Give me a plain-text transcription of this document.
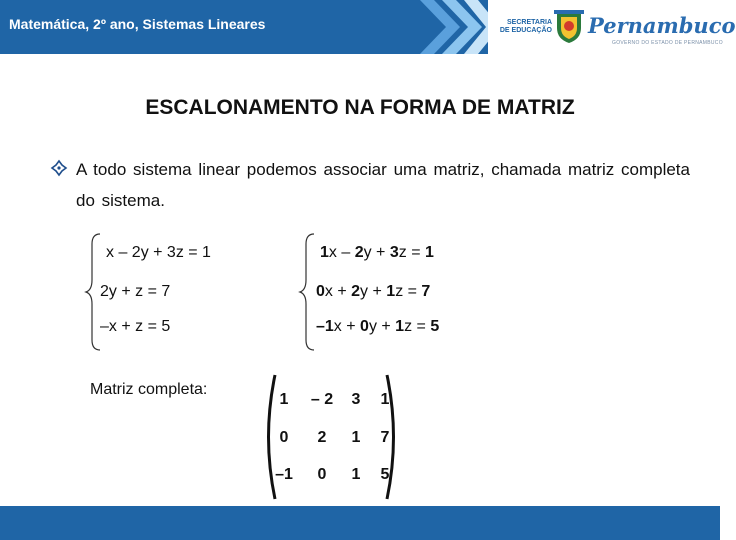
Matemática, 2º ano, Sistemas Lineares	SECRETARIA DE EDUCAÇÃO Pernambuco
GOVERNO DO ESTADO DE PERNAMBUCO
ESCALONAMENTO NA FORMA DE MATRIZ
A todo sistema linear podemos associar uma matriz, chamada matriz completa do sistema.
x – 2y + 3z = 1
2y + z = 7
–x + z = 5
1x – 2y + 3z = 1
0x + 2y + 1z = 7
–1x + 0y + 1z = 5
Matriz completa:
1	– 2	3	1
0	2	1	7
–1	0	1	5
